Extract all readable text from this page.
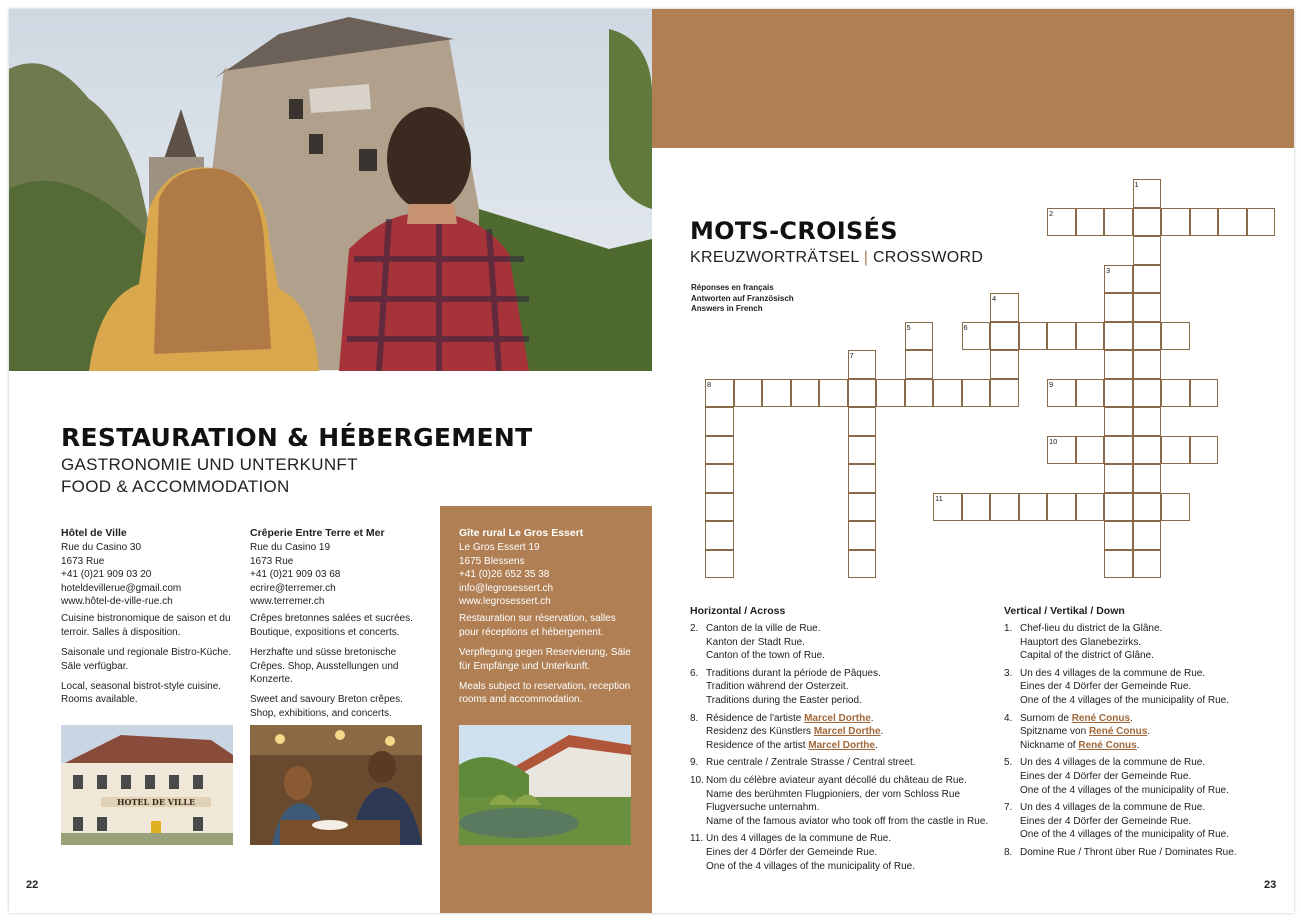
RESTAURATION & HÉBERGEMENT
GASTRONOMIE UND UNTERKUNFT
FOOD & ACCOMMODATION
Hôtel de Ville
Rue du Casino 30
1673 Rue
+41 (0)21 909 03 20
hoteldevillerue@gmail.com
www.hôtel-de-ville-rue.ch

Cuisine bistronomique de saison et du terroir. Salles à disposition.

Saisonale und regionale Bistro-Küche. Säle verfügbar.

Local, seasonal bistrot-style cuisine. Rooms available.

Crêperie Entre Terre et Mer
Rue du Casino 19
1673 Rue
+41 (0)21 909 03 68
ecrire@terremer.ch
www.terremer.ch

Crêpes bretonnes salées et sucrées. Boutique, expositions et concerts.

Herzhafte und süsse bretonische Crêpes. Shop, Ausstellungen und Konzerte.

Sweet and savoury Breton crêpes. Shop, exhibitions, and concerts.

Gîte rural Le Gros Essert
Le Gros Essert 19
1675 Blessens
+41 (0)26 652 35 38
info@legrosessert.ch
www.legrosessert.ch

Restauration sur réservation, salles pour réceptions et hébergement.

Verpflegung gegen Reservierung, Säle für Empfänge und Unterkunft.

Meals subject to reservation, reception rooms and accommodation.

HOTEL DE VILLE
22
MOTS-CROISÉS
KREUZWORTRÄTSEL | CROSSWORD
Réponses en français
Antworten auf Französisch
Answers in French
1
2
3
4
5	6
7
8	9
10
11
Horizontal / Across
2. Canton de la ville de Rue.
Kanton der Stadt Rue.
Canton of the town of Rue.
6. Traditions durant la période de Pâques.
Tradition während der Osterzeit.
Traditions during the Easter period.
8. Résidence de l'artiste Marcel Dorthe.
Residenz des Künstlers Marcel Dorthe.
Residence of the artist Marcel Dorthe.
9. Rue centrale / Zentrale Strasse / Central street.
10. Nom du célèbre aviateur ayant décollé du château de Rue.
Name des berühmten Flugpioniers, der vom Schloss Rue
Flugversuche unternahm.
Name of the famous aviator who took off from the castle in Rue.
11. Un des 4 villages de la commune de Rue.
Eines der 4 Dörfer der Gemeinde Rue.
One of the 4 villages of the municipality of Rue.
Vertical / Vertikal / Down
1. Chef-lieu du district de la Glâne.
Hauptort des Glanebezirks.
Capital of the district of Glâne.
3. Un des 4 villages de la commune de Rue.
Eines der 4 Dörfer der Gemeinde Rue.
One of the 4 villages of the municipality of Rue.
4. Surnom de René Conus.
Spitzname von René Conus.
Nickname of René Conus.
5. Un des 4 villages de la commune de Rue.
Eines der 4 Dörfer der Gemeinde Rue.
One of the 4 villages of the municipality of Rue.
7. Un des 4 villages de la commune de Rue.
Eines der 4 Dörfer der Gemeinde Rue.
One of the 4 villages of the municipality of Rue.
8. Domine Rue / Thront über Rue / Dominates Rue.
23
